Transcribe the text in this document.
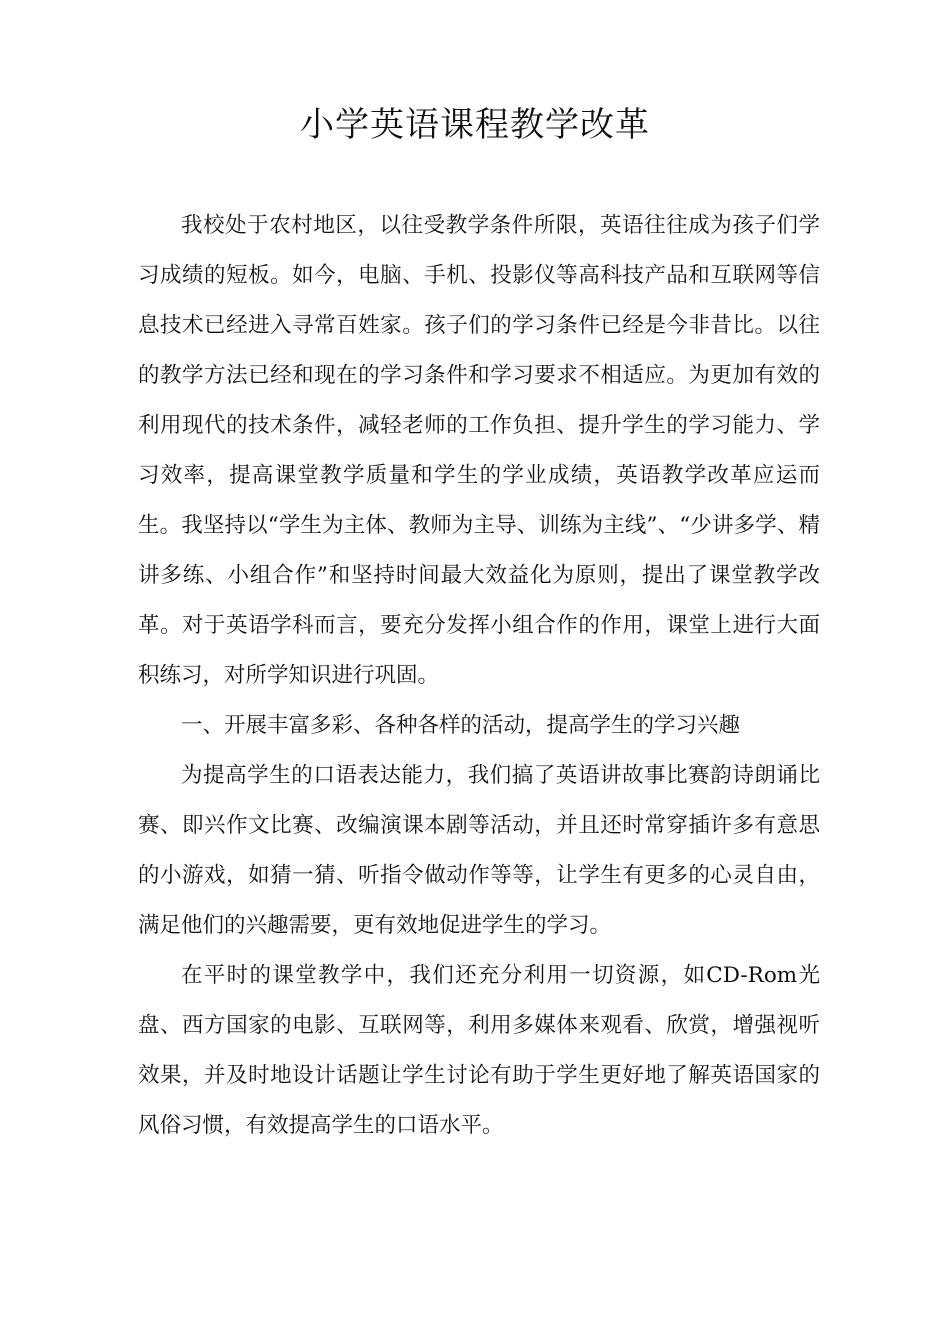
小学英语课程教学改革

我校处于农村地区，以往受教学条件所限，英语往往成为孩子们学习成绩的短板。如今，电脑、手机、投影仪等高科技产品和互联网等信息技术已经进入寻常百姓家。孩子们的学习条件已经是今非昔比。以往的教学方法已经和现在的学习条件和学习要求不相适应。为更加有效的利用现代的技术条件，减轻老师的工作负担、提升学生的学习能力、学习效率，提高课堂教学质量和学生的学业成绩，英语教学改革应运而生。我坚持以“学生为主体、教师为主导、训练为主线”、“少讲多学、精讲多练、小组合作”和坚持时间最大效益化为原则，提出了课堂教学改革。对于英语学科而言，要充分发挥小组合作的作用，课堂上进行大面积练习，对所学知识进行巩固。

一、开展丰富多彩、各种各样的活动，提高学生的学习兴趣

为提高学生的口语表达能力，我们搞了英语讲故事比赛韵诗朗诵比赛、即兴作文比赛、改编演课本剧等活动，并且还时常穿插许多有意思的小游戏，如猜一猜、听指令做动作等等，让学生有更多的心灵自由，满足他们的兴趣需要，更有效地促进学生的学习。

在平时的课堂教学中，我们还充分利用一切资源，如CD-Rom光盘、西方国家的电影、互联网等，利用多媒体来观看、欣赏，增强视听效果，并及时地设计话题让学生讨论有助于学生更好地了解英语国家的风俗习惯，有效提高学生的口语水平。
